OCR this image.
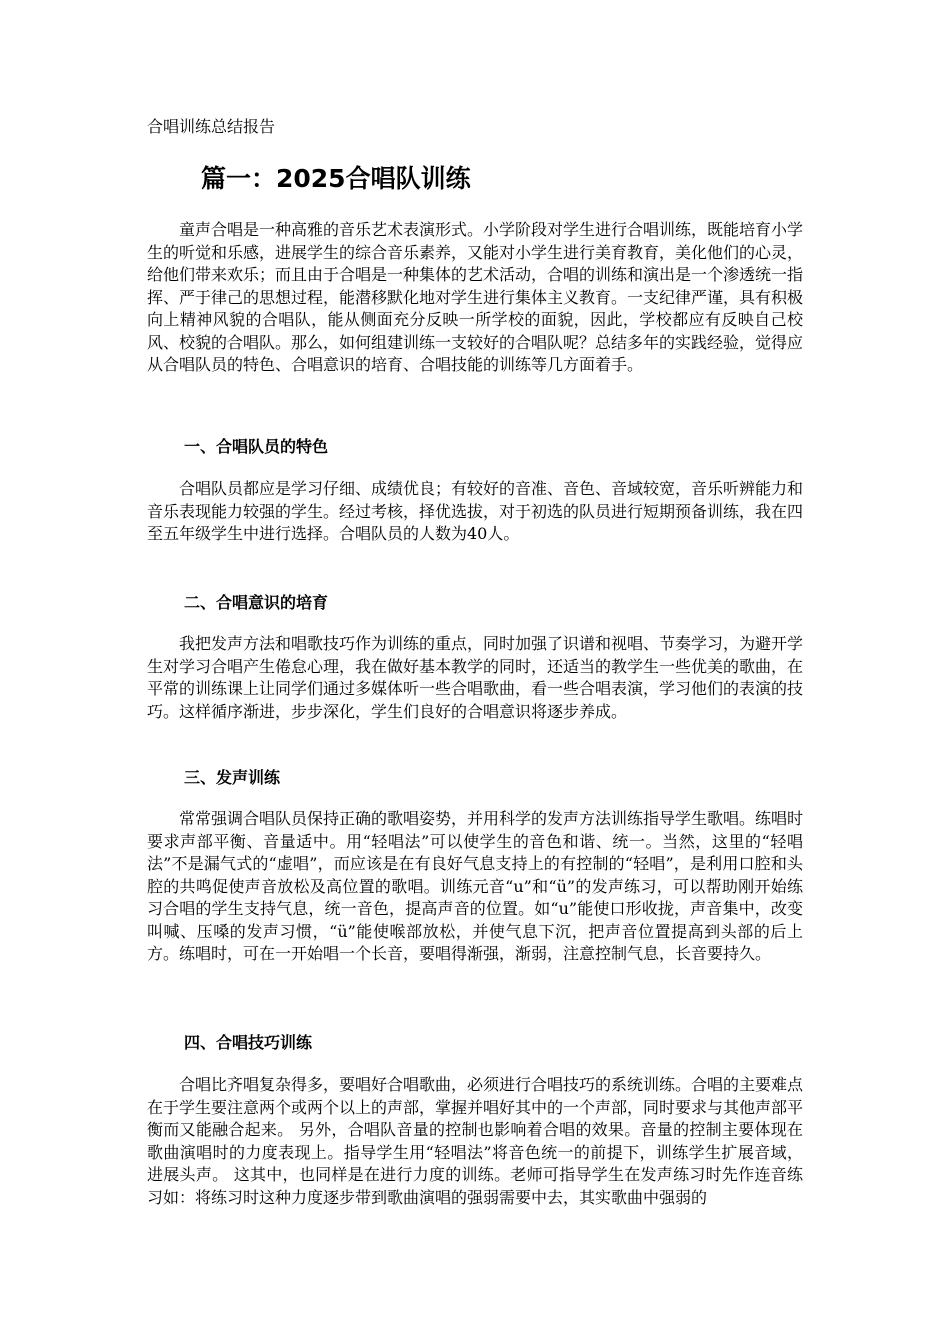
合唱训练总结报告
篇一：2025合唱队训练

童声合唱是一种高雅的音乐艺术表演形式。小学阶段对学生进行合唱训练，既能培育小学生的听觉和乐感，进展学生的综合音乐素养，又能对小学生进行美育教育，美化他们的心灵，给他们带来欢乐；而且由于合唱是一种集体的艺术活动，合唱的训练和演出是一个渗透统一指挥、严于律己的思想过程，能潜移默化地对学生进行集体主义教育。一支纪律严谨，具有积极向上精神风貌的合唱队，能从侧面充分反映一所学校的面貌，因此，学校都应有反映自己校风、校貌的合唱队。那么，如何组建训练一支较好的合唱队呢？总结多年的实践经验，觉得应从合唱队员的特色、合唱意识的培育、合唱技能的训练等几方面着手。

一、合唱队员的特色

合唱队员都应是学习仔细、成绩优良；有较好的音准、音色、音域较宽，音乐听辨能力和音乐表现能力较强的学生。经过考核，择优选拔，对于初选的队员进行短期预备训练，我在四至五年级学生中进行选择。合唱队员的人数为40人。

二、合唱意识的培育

我把发声方法和唱歌技巧作为训练的重点，同时加强了识谱和视唱、节奏学习，为避开学生对学习合唱产生倦怠心理，我在做好基本教学的同时，还适当的教学生一些优美的歌曲，在平常的训练课上让同学们通过多媒体听一些合唱歌曲，看一些合唱表演，学习他们的表演的技巧。这样循序渐进，步步深化，学生们良好的合唱意识将逐步养成。

三、发声训练

常常强调合唱队员保持正确的歌唱姿势，并用科学的发声方法训练指导学生歌唱。练唱时要求声部平衡、音量适中。用“轻唱法”可以使学生的音色和谐、统一。当然，这里的“轻唱法”不是漏气式的“虚唱”，而应该是在有良好气息支持上的有控制的“轻唱”，是利用口腔和头腔的共鸣促使声音放松及高位置的歌唱。训练元音“u”和“ü”的发声练习，可以帮助刚开始练习合唱的学生支持气息，统一音色，提高声音的位置。如“u”能使口形收拢，声音集中，改变叫喊、压嗓的发声习惯，“ü”能使喉部放松，并使气息下沉，把声音位置提高到头部的后上方。练唱时，可在一开始唱一个长音，要唱得渐强，渐弱，注意控制气息，长音要持久。

四、合唱技巧训练

合唱比齐唱复杂得多，要唱好合唱歌曲，必须进行合唱技巧的系统训练。合唱的主要难点在于学生要注意两个或两个以上的声部，掌握并唱好其中的一个声部，同时要求与其他声部平衡而又能融合起来。 另外，合唱队音量的控制也影响着合唱的效果。音量的控制主要体现在歌曲演唱时的力度表现上。指导学生用“轻唱法”将音色统一的前提下，训练学生扩展音域，进展头声。 这其中，也同样是在进行力度的训练。老师可指导学生在发声练习时先作连音练习如：将练习时这种力度逐步带到歌曲演唱的强弱需要中去，其实歌曲中强弱的
